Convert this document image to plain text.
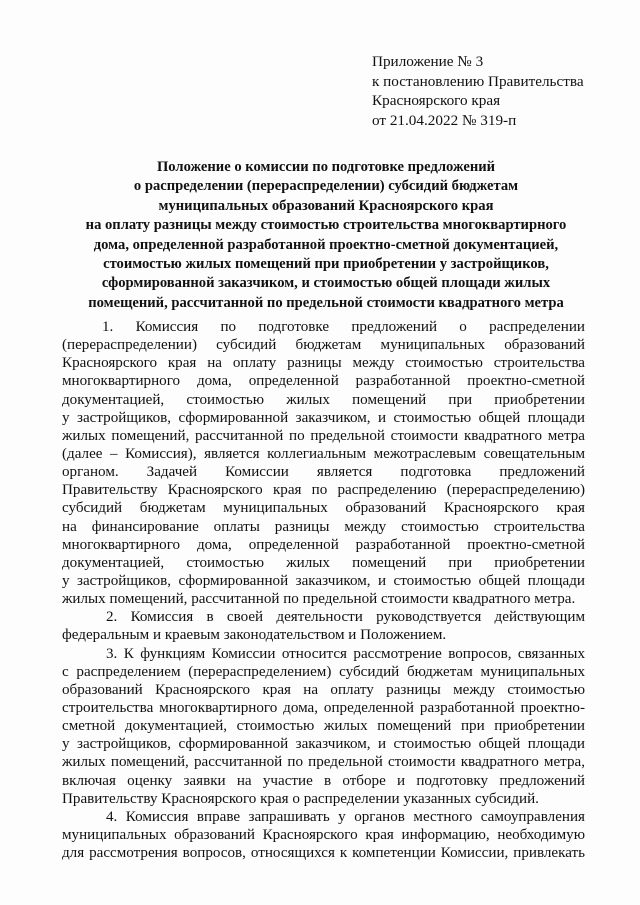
Приложение № 3
к постановлению Правительства
Красноярского края
от 21.04.2022 № 319-п
Положение о комиссии по подготовке предложений
о распределении (перераспределении) субсидий бюджетам
муниципальных образований Красноярского края
на оплату разницы между стоимостью строительства многоквартирного
дома, определенной разработанной проектно-сметной документацией,
стоимостью жилых помещений при приобретении у застройщиков,
сформированной заказчиком, и стоимостью общей площади жилых
помещений, рассчитанной по предельной стоимости квадратного метра
1. Комиссия по подготовке предложений о распределении
(перераспределении) субсидий бюджетам муниципальных образований
Красноярского края на оплату разницы между стоимостью строительства
многоквартирного дома, определенной разработанной проектно-сметной
документацией, стоимостью жилых помещений при приобретении
у застройщиков, сформированной заказчиком, и стоимостью общей площади
жилых помещений, рассчитанной по предельной стоимости квадратного метра
(далее – Комиссия), является коллегиальным межотраслевым совещательным
органом. Задачей Комиссии является подготовка предложений
Правительству Красноярского края по распределению (перераспределению)
субсидий бюджетам муниципальных образований Красноярского края
на финансирование оплаты разницы между стоимостью строительства
многоквартирного дома, определенной разработанной проектно-сметной
документацией, стоимостью жилых помещений при приобретении
у застройщиков, сформированной заказчиком, и стоимостью общей площади
жилых помещений, рассчитанной по предельной стоимости квадратного метра.
2. Комиссия в своей деятельности руководствуется действующим
федеральным и краевым законодательством и Положением.
3. К функциям Комиссии относится рассмотрение вопросов, связанных
с распределением (перераспределением) субсидий бюджетам муниципальных
образований Красноярского края на оплату разницы между стоимостью
строительства многоквартирного дома, определенной разработанной проектно-
сметной документацией, стоимостью жилых помещений при приобретении
у застройщиков, сформированной заказчиком, и стоимостью общей площади
жилых помещений, рассчитанной по предельной стоимости квадратного метра,
включая оценку заявки на участие в отборе и подготовку предложений
Правительству Красноярского края о распределении указанных субсидий.
4. Комиссия вправе запрашивать у органов местного самоуправления
муниципальных образований Красноярского края информацию, необходимую
для рассмотрения вопросов, относящихся к компетенции Комиссии, привлекать
